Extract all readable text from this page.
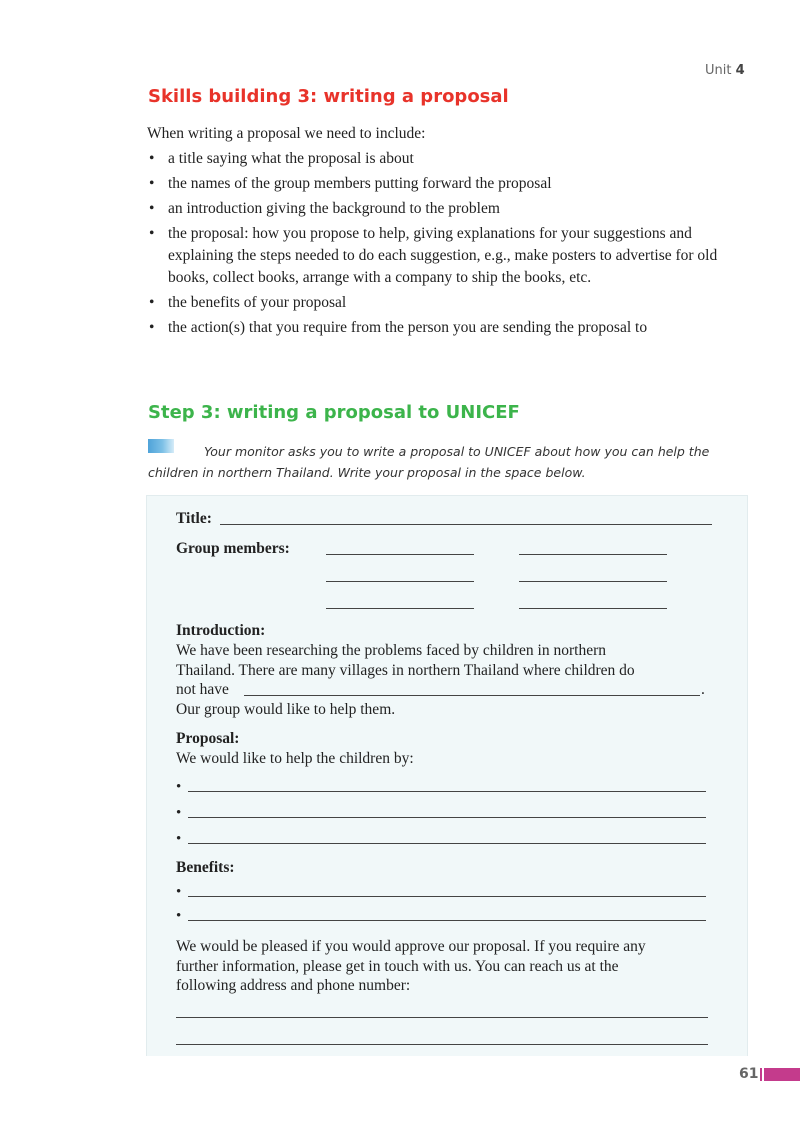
Unit 4
Skills building 3: writing a proposal
When writing a proposal we need to include:
• a title saying what the proposal is about
• the names of the group members putting forward the proposal
• an introduction giving the background to the problem
• the proposal: how you propose to help, giving explanations for your suggestions and explaining the steps needed to do each suggestion, e.g., make posters to advertise for old books, collect books, arrange with a company to ship the books, etc.
• the benefits of your proposal
• the action(s) that you require from the person you are sending the proposal to
Step 3: writing a proposal to UNICEF
Your monitor asks you to write a proposal to UNICEF about how you can help the
children in northern Thailand. Write your proposal in the space below.
Title:
Group members:
Introduction:
We have been researching the problems faced by children in northern
Thailand. There are many villages in northern Thailand where children do
not have	.
Our group would like to help them.
Proposal:
We would like to help the children by:
•
•
•
Benefits:
•
•
We would be pleased if you would approve our proposal. If you require any
further information, please get in touch with us. You can reach us at the
following address and phone number:
61
